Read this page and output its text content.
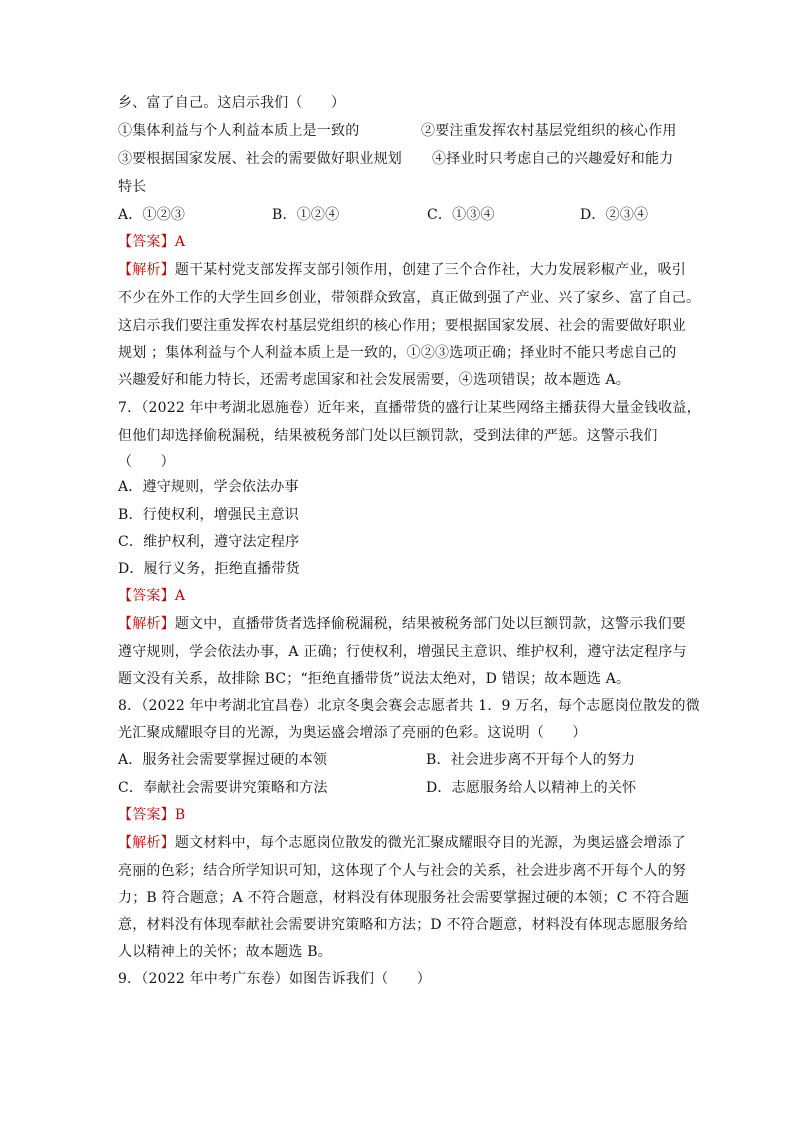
乡、富了自己。这启示我们（　　）
①集体利益与个人利益本质上是一致的	②要注重发挥农村基层党组织的核心作用
③要根据国家发展、社会的需要做好职业规划 ④择业时只考虑自己的兴趣爱好和能力
特长
A．①②③	B．①②④	C．①③④	D．②③④
【答案】A
【解析】题干某村党支部发挥支部引领作用，创建了三个合作社，大力发展彩椒产业，吸引
不少在外工作的大学生回乡创业，带领群众致富，真正做到强了产业、兴了家乡、富了自己。
这启示我们要注重发挥农村基层党组织的核心作用；要根据国家发展、社会的需要做好职业
规划 ；集体利益与个人利益本质上是一致的，①②③选项正确；择业时不能只考虑自己的
兴趣爱好和能力特长，还需考虑国家和社会发展需要，④选项错误；故本题选 A。
7．（2022 年中考湖北恩施卷）近年来，直播带货的盛行让某些网络主播获得大量金钱收益，
但他们却选择偷税漏税，结果被税务部门处以巨额罚款，受到法律的严惩。这警示我们
（　　）
A．遵守规则，学会依法办事
B．行使权利，增强民主意识
C．维护权利，遵守法定程序
D．履行义务，拒绝直播带货
【答案】A
【解析】题文中，直播带货者选择偷税漏税，结果被税务部门处以巨额罚款，这警示我们要
遵守规则，学会依法办事，A 正确；行使权利，增强民主意识、维护权利，遵守法定程序与
题文没有关系，故排除 BC；“拒绝直播带货”说法太绝对，D 错误；故本题选 A。
8．（2022 年中考湖北宜昌卷）北京冬奥会赛会志愿者共 1．9 万名，每个志愿岗位散发的微
光汇聚成耀眼夺目的光源，为奥运盛会增添了亮丽的色彩。这说明（　　）
A．服务社会需要掌握过硬的本领	B．社会进步离不开每个人的努力
C．奉献社会需要讲究策略和方法	D．志愿服务给人以精神上的关怀
【答案】B
【解析】题文材料中，每个志愿岗位散发的微光汇聚成耀眼夺目的光源，为奥运盛会增添了
亮丽的色彩；结合所学知识可知，这体现了个人与社会的关系，社会进步离不开每个人的努
力；B 符合题意；A 不符合题意，材料没有体现服务社会需要掌握过硬的本领；C 不符合题
意，材料没有体现奉献社会需要讲究策略和方法；D 不符合题意，材料没有体现志愿服务给
人以精神上的关怀；故本题选 B。
9．（2022 年中考广东卷）如图告诉我们（　　）
